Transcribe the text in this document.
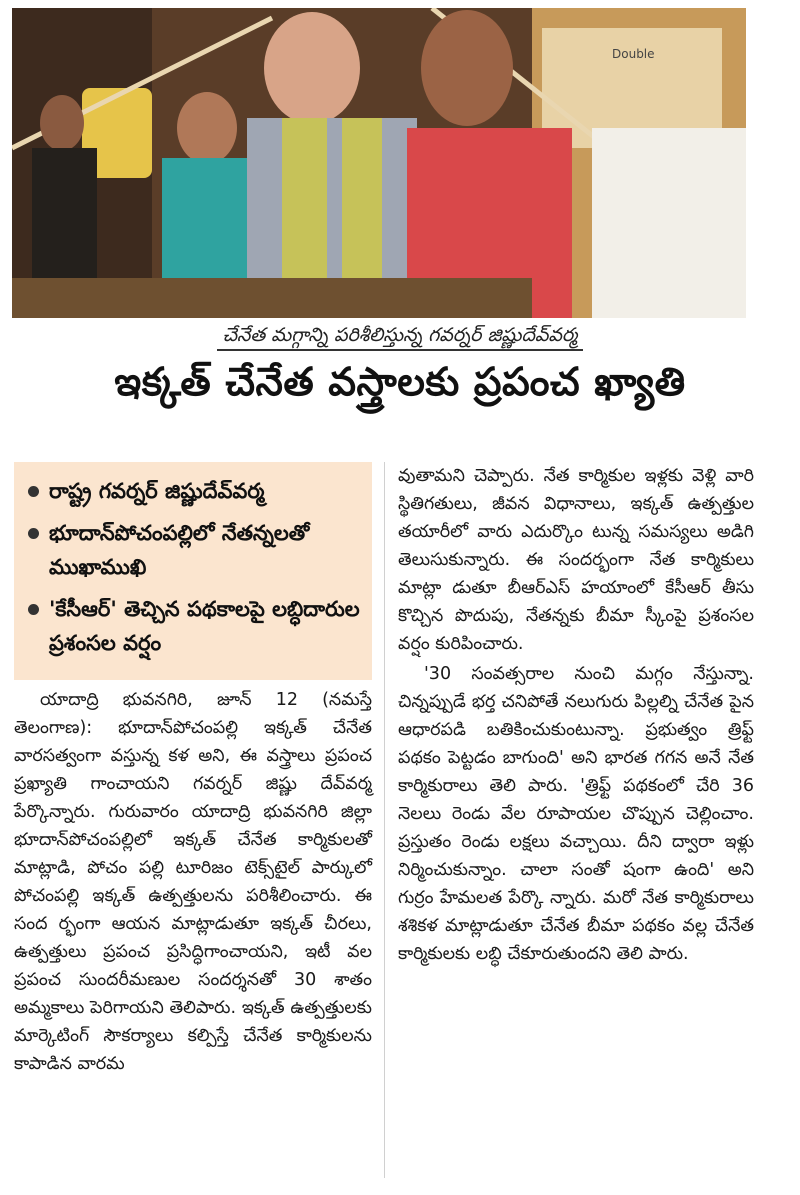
Double
చేనేత మగ్గాన్ని పరిశీలిస్తున్న గవర్నర్ జిష్ణుదేవ్‌వర్మ
ఇక్కత్ చేనేత వస్త్రాలకు ప్రపంచ ఖ్యాతి
రాష్ట్ర గవర్నర్ జిష్ణుదేవ్‌వర్మ
భూదాన్‌పోచంపల్లిలో నేతన్నలతో ముఖాముఖి
'కేసీఆర్' తెచ్చిన పథకాలపై లబ్ధిదారుల ప్రశంసల వర్షం

యాదాద్రి భువనగిరి, జూన్ 12 (నమస్తే తెలంగాణ): భూదాన్‌పోచంపల్లి ఇక్కత్ చేనేత వారసత్వంగా వస్తున్న కళ అని, ఈ వస్త్రాలు ప్రపంచ ప్రఖ్యాతి గాంచాయని గవర్నర్ జిష్ణు దేవ్‌వర్మ పేర్కొన్నారు. గురువారం యాదాద్రి భువనగిరి జిల్లా భూదాన్‌పోచంపల్లిలో ఇక్కత్ చేనేత కార్మికులతో మాట్లాడి, పోచం పల్లి టూరిజం టెక్స్‌టైల్ పార్కులో పోచంపల్లి ఇక్కత్ ఉత్పత్తులను పరిశీలించారు. ఈ సంద ర్భంగా ఆయన మాట్లాడుతూ ఇక్కత్ చీరలు, ఉత్పత్తులు ప్రపంచ ప్రసిద్ధిగాంచాయని, ఇటీ వల ప్రపంచ సుందరీమణుల సందర్శనతో 30 శాతం అమ్మకాలు పెరిగాయని తెలిపారు. ఇక్కత్ ఉత్పత్తులకు మార్కెటింగ్ సౌకర్యాలు కల్పిస్తే చేనేత కార్మికులను కాపాడిన వారమ

వుతామని చెప్పారు. నేత కార్మికుల ఇళ్లకు వెళ్లి వారి స్థితిగతులు, జీవన విధానాలు, ఇక్కత్ ఉత్పత్తుల తయారీలో వారు ఎదుర్కొం టున్న సమస్యలు అడిగి తెలుసుకున్నారు. ఈ సందర్భంగా నేత కార్మికులు మాట్లా డుతూ బీఆర్‌ఎస్ హయాంలో కేసీఆర్ తీసు కొచ్చిన పొదుపు, నేతన్నకు బీమా స్కీంపై ప్రశంసల వర్షం కురిపించారు.

'30 సంవత్సరాల నుంచి మగ్గం నేస్తున్నా. చిన్నప్పుడే భర్త చనిపోతే నలుగురు పిల్లల్ని చేనేత పైన ఆధారపడి బతికించుకుంటున్నా. ప్రభుత్వం త్రిఫ్ట్ పథకం పెట్టడం బాగుంది' అని భారత గగన అనే నేత కార్మికురాలు తెలి పారు. 'త్రిఫ్ట్ పథకంలో చేరి 36 నెలలు రెండు వేల రూపాయల చొప్పున చెల్లించాం. ప్రస్తుతం రెండు లక్షలు వచ్చాయి. దీని ద్వారా ఇళ్లు నిర్మించుకున్నాం. చాలా సంతో షంగా ఉంది' అని గుర్రం హేమలత పేర్కొ న్నారు. మరో నేత కార్మికురాలు శశికళ మాట్లాడుతూ చేనేత బీమా పథకం వల్ల చేనేత కార్మికులకు లబ్ధి చేకూరుతుందని తెలి పారు.
